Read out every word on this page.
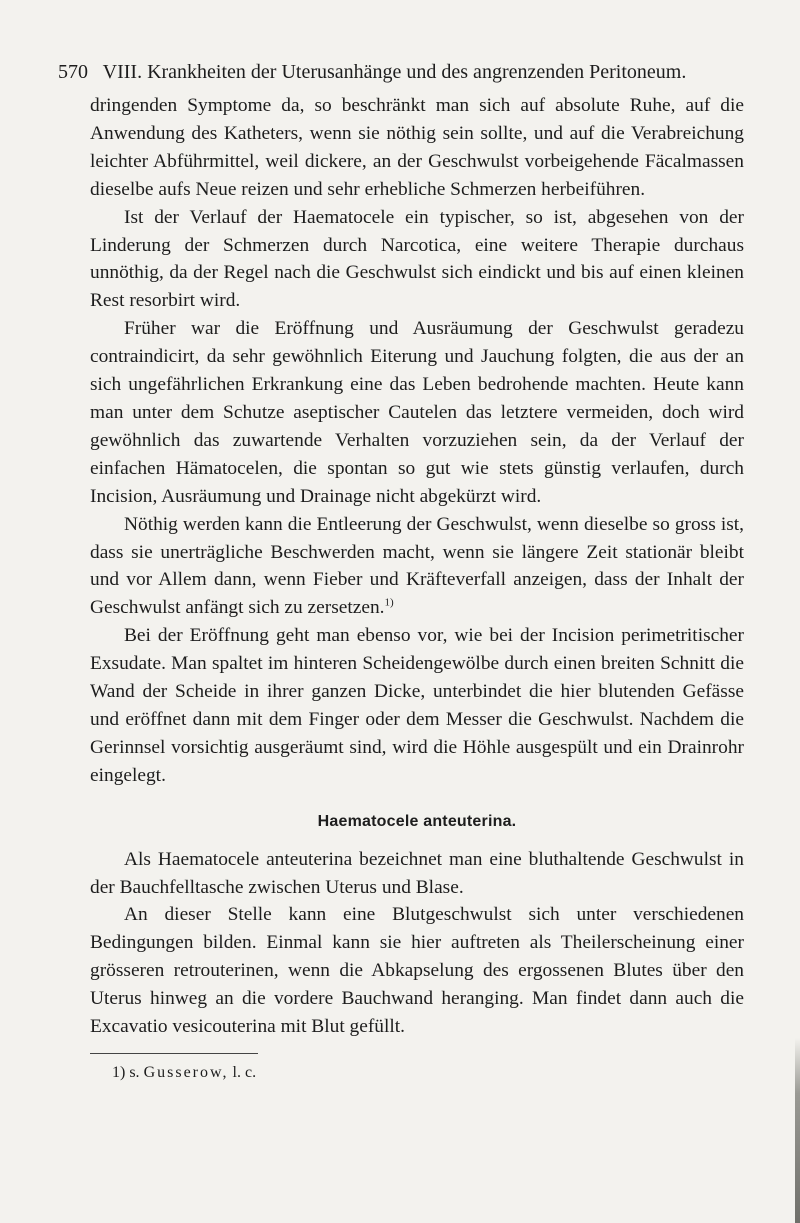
570 VIII. Krankheiten der Uterusanhänge und des angrenzenden Peritoneum.

dringenden Symptome da, so beschränkt man sich auf absolute Ruhe, auf die Anwendung des Katheters, wenn sie nöthig sein sollte, und auf die Verabreichung leichter Abführmittel, weil dickere, an der Geschwulst vorbeigehende Fäcalmassen dieselbe aufs Neue reizen und sehr erhebliche Schmerzen herbeiführen.

Ist der Verlauf der Haematocele ein typischer, so ist, abgesehen von der Linderung der Schmerzen durch Narcotica, eine weitere Therapie durchaus unnöthig, da der Regel nach die Geschwulst sich eindickt und bis auf einen kleinen Rest resorbirt wird.

Früher war die Eröffnung und Ausräumung der Geschwulst geradezu contraindicirt, da sehr gewöhnlich Eiterung und Jauchung folgten, die aus der an sich ungefährlichen Erkrankung eine das Leben bedrohende machten. Heute kann man unter dem Schutze aseptischer Cautelen das letztere vermeiden, doch wird gewöhnlich das zuwartende Verhalten vorzuziehen sein, da der Verlauf der einfachen Hämatocelen, die spontan so gut wie stets günstig verlaufen, durch Incision, Ausräumung und Drainage nicht abgekürzt wird.

Nöthig werden kann die Entleerung der Geschwulst, wenn dieselbe so gross ist, dass sie unerträgliche Beschwerden macht, wenn sie längere Zeit stationär bleibt und vor Allem dann, wenn Fieber und Kräfteverfall anzeigen, dass der Inhalt der Geschwulst anfängt sich zu zersetzen.$^{1)}$

Bei der Eröffnung geht man ebenso vor, wie bei der Incision perimetritischer Exsudate. Man spaltet im hinteren Scheidengewölbe durch einen breiten Schnitt die Wand der Scheide in ihrer ganzen Dicke, unterbindet die hier blutenden Gefässe und eröffnet dann mit dem Finger oder dem Messer die Geschwulst. Nachdem die Gerinnsel vorsichtig ausgeräumt sind, wird die Höhle ausgespült und ein Drainrohr eingelegt.

Haematocele anteuterina.

Als Haematocele anteuterina bezeichnet man eine bluthaltende Geschwulst in der Bauchfelltasche zwischen Uterus und Blase.

An dieser Stelle kann eine Blutgeschwulst sich unter verschiedenen Bedingungen bilden. Einmal kann sie hier auftreten als Theilerscheinung einer grösseren retrouterinen, wenn die Abkapselung des ergossenen Blutes über den Uterus hinweg an die vordere Bauchwand heranging. Man findet dann auch die Excavatio vesicouterina mit Blut gefüllt.

1) s. Gusserow, l. c.
